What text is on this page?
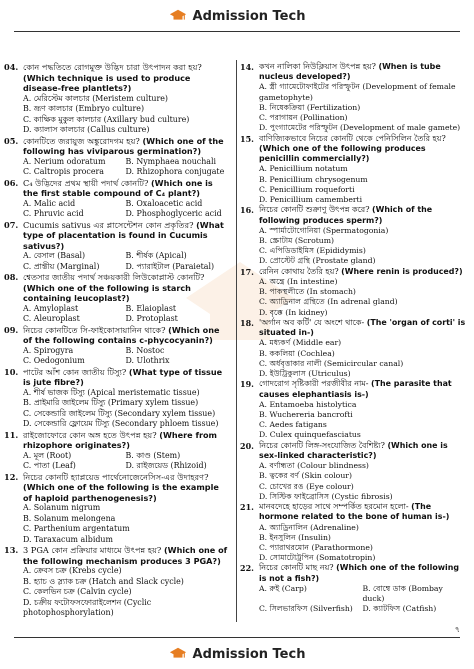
Admission Tech
04. কোন পদ্ধতিতে রোগমুক্ত উদ্ভিদ চারা উৎপাদন করা হয়? (Which technique is used to produce disease-free plantlets?)
A. মেরিস্টেম কালচার (Meristem culture)
B. ভ্রূণ কালচার (Embryo culture)
C. কাক্ষিক মুকুল কালচার (Axillary bud culture)
D. ক্যালাস কালচার (Callus culture)
05. কোনটিতে জরায়ুজ অঙ্কুরোদগম হয়? (Which one of the following has viviparous germination?)
A. Nerium odoratum	B. Nymphaea nouchali
C. Caltropis procera	D. Rhizophora conjugate
06. C₄ উদ্ভিদের প্রথম স্থায়ী পদার্থ কোনটি? (Which one is the first stable compound of C₄ plant?)
A. Malic acid	B. Oxaloacetic acid
C. Phruvic acid	D. Phosphoglyceric acid
07. Cucumis sativus এর প্লাসেন্টেশন কোন প্রকৃতির? (What type of placentation is found in Cucumis sativus?)
A. বেসাল (Basal)	B. শীর্ষক (Apical)
C. প্রান্তীয় (Marginal)	D. প্যারাইটাল (Paraietal)
08. শ্বেতসার জাতীয় পদার্থ সঞ্চয়কারী লিউকোপ্লাস্ট কোনটি? (Which one of the following is starch containing leucoplast?)
A. Amyloplast	B. Elaioplast
C. Aleuroplast	D. Protoplast
09. নিচের কোনটিতে সি-ফাইকোসায়ানিন থাকে? (Which one of the following contains c-phycocyanin?)
A. Spirogyra	B. Nostoc
C. Oedogonium	D. Ulothrix
10. পাটের আঁশ কোন জাতীয় টিস্যু? (What type of tissue is jute fibre?)
A. শীর্ষ ভাজক টিস্যু (Apical meristematic tissue)
B. প্রাইমারি জাইলেম টিস্যু (Primary xylem tissue)
C. সেকেন্ডারি জাইলেম টিস্যু (Secondary xylem tissue)
D. সেকেন্ডারি ফ্লোয়েম টিস্যু (Secondary phloem tissue)
11. রাইজোফোরে কোন অঙ্গ হতে উৎপন্ন হয়? (Where from rhizophore originates?)
A. মূল (Root)	B. কাণ্ড (Stem)
C. পাতা (Leaf)	D. রাইজয়েড (Rhizoid)
12. নিচের কোনটি হ্যাপ্লয়েড পার্থেনোজেনেসিস-এর উদাহরণ? (Which one of the following is the example of haploid parthenogenesis?)
A. Solanum nigrum
B. Solanum melongena
C. Parthenium argentatum
D. Taraxacum albidum
13. 3 PGA কোন প্রক্রিয়ার মাধ্যমে উৎপন্ন হয়? (Which one of the following mechanism produces 3 PGA?)
A. ক্রেবস চক্র (Krebs cycle)
B. হ্যাচ ও স্ল্যাক চক্র (Hatch and Slack cycle)
C. কেলভিন চক্র (Calvin cycle)
D. চক্রীয় ফটোফসফোরাইলেশন (Cyclic photophosphorylation)
14. কখন নালিকা নিউক্লিয়াস উৎপন্ন হয়? (When is tube nucleus developed?)
A. স্ত্রী গ্যামেটোফাইটের পরিস্ফুটন (Development of female gametophyte)
B. নিষেকক্রিয়া (Fertilization)
C. পরাগায়ন (Pollination)
D. পুংগ্যামেটের পরিস্ফুটন (Development of male gamete)
15. বাণিজ্যিকভাবে নিচের কোনটি থেকে পেনিসিলিন তৈরি হয়? (Which one of the following produces penicillin commercially?)
A. Penicillium notatum
B. Penicillium chrysogenum
C. Penicillium roqueforti
D. Penicillium camemberti
16. নিচের কোনটি শুক্রাণু উৎপন্ন করে? (Which of the following produces sperm?)
A. স্পার্মাটোগোনিয়া (Spermatogonia)
B. স্ক্রোটাম (Scrotum)
C. এপিডিডাইমিস (Epididymis)
D. প্রোস্টেট গ্রন্থি (Prostate gland)
17. রেনিন কোথায় তৈরি হয়? (Where renin is produced?)
A. অন্ত্রে (In intestine)
B. পাকস্থলীতে (In stomach)
C. অ্যাড্রিনাল গ্রন্থিতে (In adrenal gland)
D. বৃক্কে (In kidney)
18. 'অর্গান অব কর্টি' যে অংশে থাকে- (The 'organ of corti' is situated in-)
A. মধ্যকর্ণ (Middle ear)
B. ককলিয়া (Cochlea)
C. অর্ধবৃত্তাকার নালী (Semicircular canal)
D. ইউট্রিকুলাস (Utriculus)
19. গোদরোগ সৃষ্টিকারী পরজীবীর নাম- (The parasite that causes elephantiasis is-)
A. Entamoeba histolytica
B. Wuchereria bancrofti
C. Aedes fatigans
D. Culex quinquefasciatus
20. নিচের কোনটি লিঙ্গ-সংযোজিত বৈশিষ্ট্য? (Which one is sex-linked characteristic?)
A. বর্ণান্ধতা (Colour blindness)
B. ত্বকের বর্ণ (Skin colour)
C. চোখের রঙ (Eye colour)
D. সিস্টিক ফাইব্রোসিস (Cystic fibrosis)
21. মানবদেহে হাড়ের সাথে সম্পর্কিত হরমোন হলো- (The hormone related to the bone of human is-)
A. অ্যাড্রিনালিন (Adrenaline)
B. ইনসুলিন (Insulin)
C. প্যারাথরমোন (Parathormone)
D. সোমাটোট্রপিন (Somatotropin)
22. নিচের কোনটি মাছ নয়? (Which one of the following is not a fish?)
A. রুই (Carp)	B. বোম্বে ডাক (Bombay duck)
C. সিলভারফিস (Silverfish)	D. ক্যাটফিস (Catfish)
৭
Admission Tech
